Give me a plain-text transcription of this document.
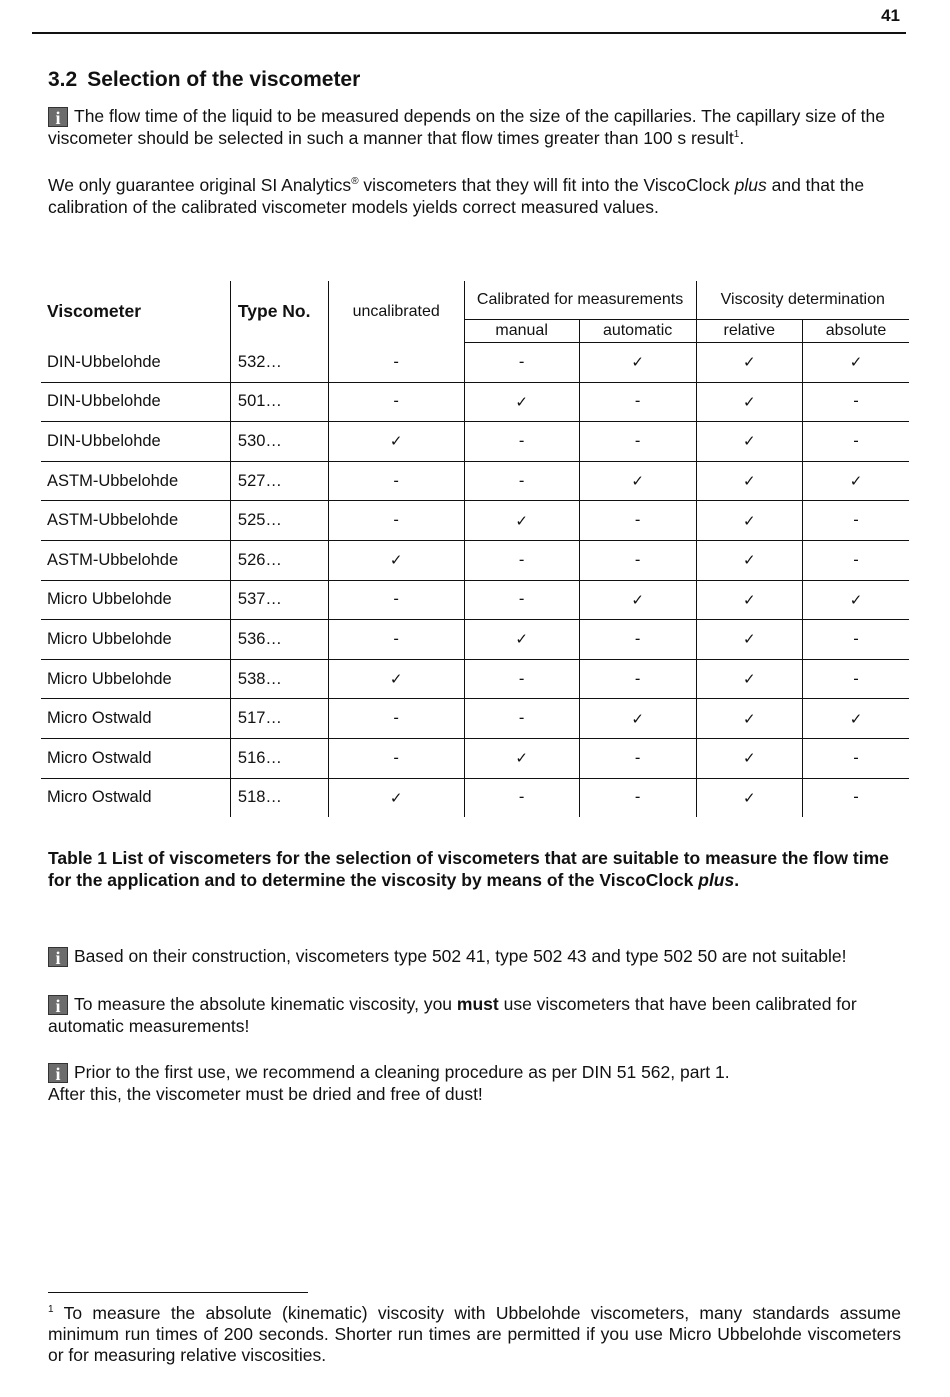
41
3.2 Selection of the viscometer

i The flow time of the liquid to be measured depends on the size of the capillaries. The capillary size of the viscometer should be selected in such a manner that flow times greater than 100 s result$^1$.

We only guarantee original SI Analytics® viscometers that they will fit into the ViscoClock plus and that the calibration of the calibrated viscometer models yields correct measured values.

Viscometer	Type No.	uncalibrated	Calibrated for measurements		Viscosity determination	
			manual	automatic	relative	absolute
DIN-Ubbelohde	532…	-	-	✓	✓	✓
DIN-Ubbelohde	501…	-	✓	-	✓	-
DIN-Ubbelohde	530…	✓	-	-	✓	-
ASTM-Ubbelohde	527…	-	-	✓	✓	✓
ASTM-Ubbelohde	525…	-	✓	-	✓	-
ASTM-Ubbelohde	526…	✓	-	-	✓	-
Micro Ubbelohde	537…	-	-	✓	✓	✓
Micro Ubbelohde	536…	-	✓	-	✓	-
Micro Ubbelohde	538…	✓	-	-	✓	-
Micro Ostwald	517…	-	-	✓	✓	✓
Micro Ostwald	516…	-	✓	-	✓	-
Micro Ostwald	518…	✓	-	-	✓	-

Table 1 List of viscometers for the selection of viscometers that are suitable to measure the flow time for the application and to determine the viscosity by means of the ViscoClock plus.

i Based on their construction, viscometers type 502 41, type 502 43 and type 502 50 are not suitable!

i To measure the absolute kinematic viscosity, you must use viscometers that have been calibrated for automatic measurements!

i Prior to the first use, we recommend a cleaning procedure as per DIN 51 562, part 1.
After this, the viscometer must be dried and free of dust!

$^1$ To measure the absolute (kinematic) viscosity with Ubbelohde viscometers, many standards assume minimum run times of 200 seconds. Shorter run times are permitted if you use Micro Ubbelohde viscometers or for measuring relative viscosities.
